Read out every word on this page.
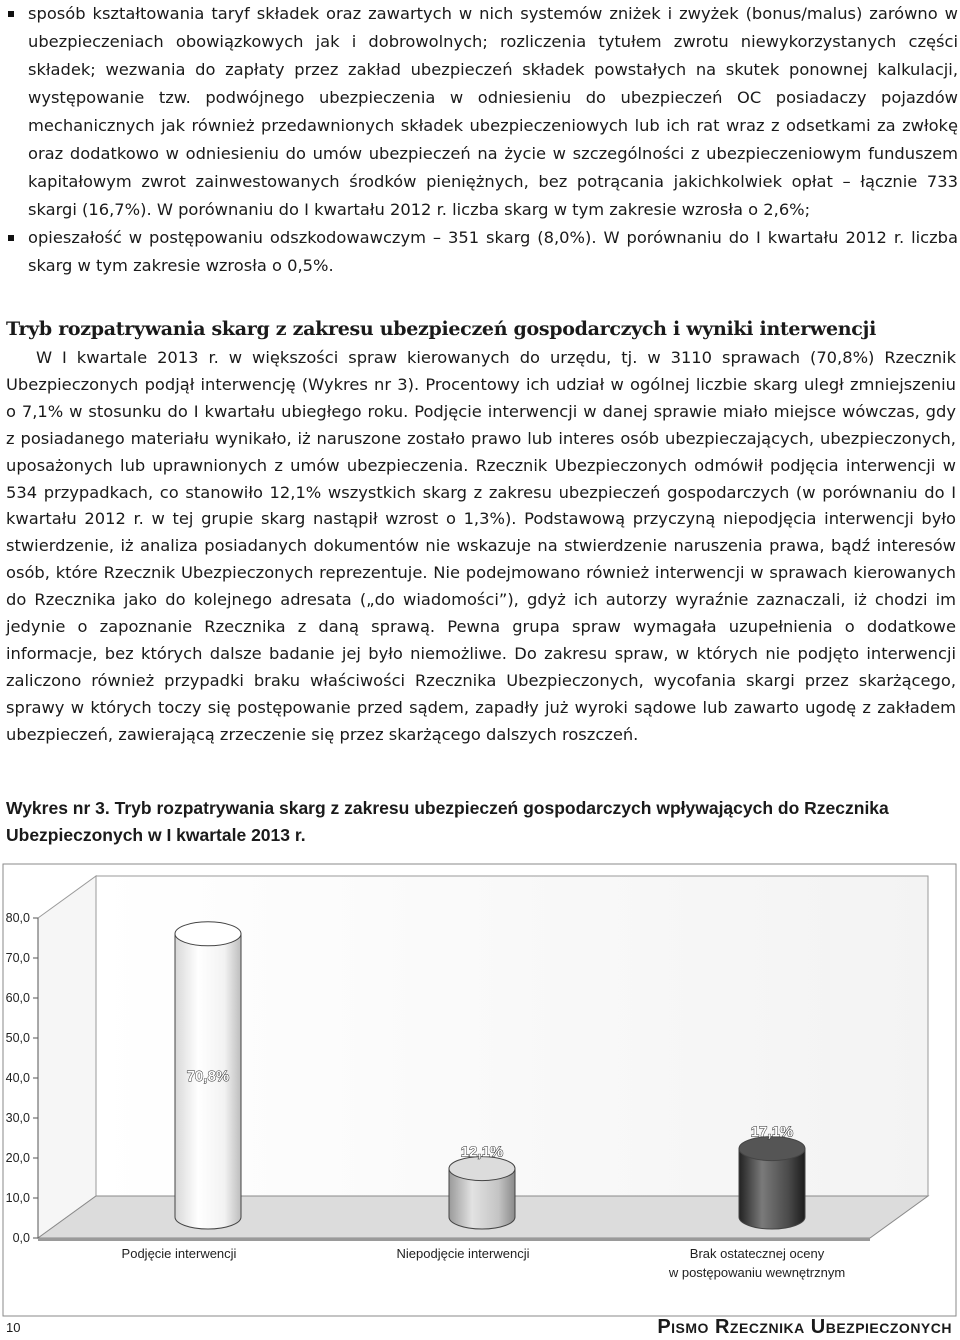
sposób kształtowania taryf składek oraz zawartych w nich systemów zniżek i zwyżek (bonus/malus) zarówno w ubezpieczeniach obowiązkowych jak i dobrowolnych; rozliczenia tytułem zwrotu niewykorzystanych części składek; wezwania do zapłaty przez zakład ubezpieczeń składek powstałych na skutek ponownej kalkulacji, występowanie tzw. podwójnego ubezpieczenia w odniesieniu do ubezpieczeń OC posiadaczy pojazdów mechanicznych jak również przedawnionych składek ubezpieczeniowych lub ich rat wraz z odsetkami za zwłokę oraz dodatkowo w odniesieniu do umów ubezpieczeń na życie w szczególności z ubezpieczeniowym funduszem kapitałowym zwrot zainwestowanych środków pieniężnych, bez potrącania jakichkolwiek opłat – łącznie 733 skargi (16,7%). W porównaniu do I kwartału 2012 r. liczba skarg w tym zakresie wzrosła o 2,6%;

opieszałość w postępowaniu odszkodowawczym – 351 skarg (8,0%). W porównaniu do I kwartału 2012 r. liczba skarg w tym zakresie wzrosła o 0,5%.

Tryb rozpatrywania skarg z zakresu ubezpieczeń gospodarczych i wyniki interwencji

W I kwartale 2013 r. w większości spraw kierowanych do urzędu, tj. w 3110 sprawach (70,8%) Rzecznik Ubezpieczonych podjął interwencję (Wykres nr 3). Procentowy ich udział w ogólnej liczbie skarg uległ zmniejszeniu o 7,1% w stosunku do I kwartału ubiegłego roku. Podjęcie interwencji w danej sprawie miało miejsce wówczas, gdy z posiadanego materiału wynikało, iż naruszone zostało prawo lub interes osób ubezpieczających, ubezpieczonych, uposażonych lub uprawnionych z umów ubezpieczenia. Rzecznik Ubezpieczonych odmówił podjęcia interwencji w 534 przypadkach, co stanowiło 12,1% wszystkich skarg z zakresu ubezpieczeń gospodarczych (w porównaniu do I kwartału 2012 r. w tej grupie skarg nastąpił wzrost o 1,3%). Podstawową przyczyną niepodjęcia interwencji było stwierdzenie, iż analiza posiadanych dokumentów nie wskazuje na stwierdzenie naruszenia prawa, bądź interesów osób, które Rzecznik Ubezpieczonych reprezentuje. Nie podejmowano również interwencji w sprawach kierowanych do Rzecznika jako do kolejnego adresata („do wiadomości”), gdyż ich autorzy wyraźnie zaznaczali, iż chodzi im jedynie o zapoznanie Rzecznika z daną sprawą. Pewna grupa spraw wymagała uzupełnienia o dodatkowe informacje, bez których dalsze badanie jej było niemożliwe. Do zakresu spraw, w których nie podjęto interwencji zaliczono również przypadki braku właściwości Rzecznika Ubezpieczonych, wycofania skargi przez skarżącego, sprawy w których toczy się postępowanie przed sądem, zapadły już wyroki sądowe lub zawarto ugodę z zakładem ubezpieczeń, zawierającą zrzeczenie się przez skarżącego dalszych roszczeń.

Wykres nr 3. Tryb rozpatrywania skarg z zakresu ubezpieczeń gospodarczych wpływających do Rzecznika Ubezpieczonych w I kwartale 2013 r.

0,0
10,0
20,0
30,0
40,0
50,0
60,0
70,0
80,0
70,8%
12,1%
17,1%
Podjęcie interwencji	Niepodjęcie interwencji	Brak ostatecznej oceny
w postępowaniu wewnętrznym
10	Pismo Rzecznika Ubezpieczonych
